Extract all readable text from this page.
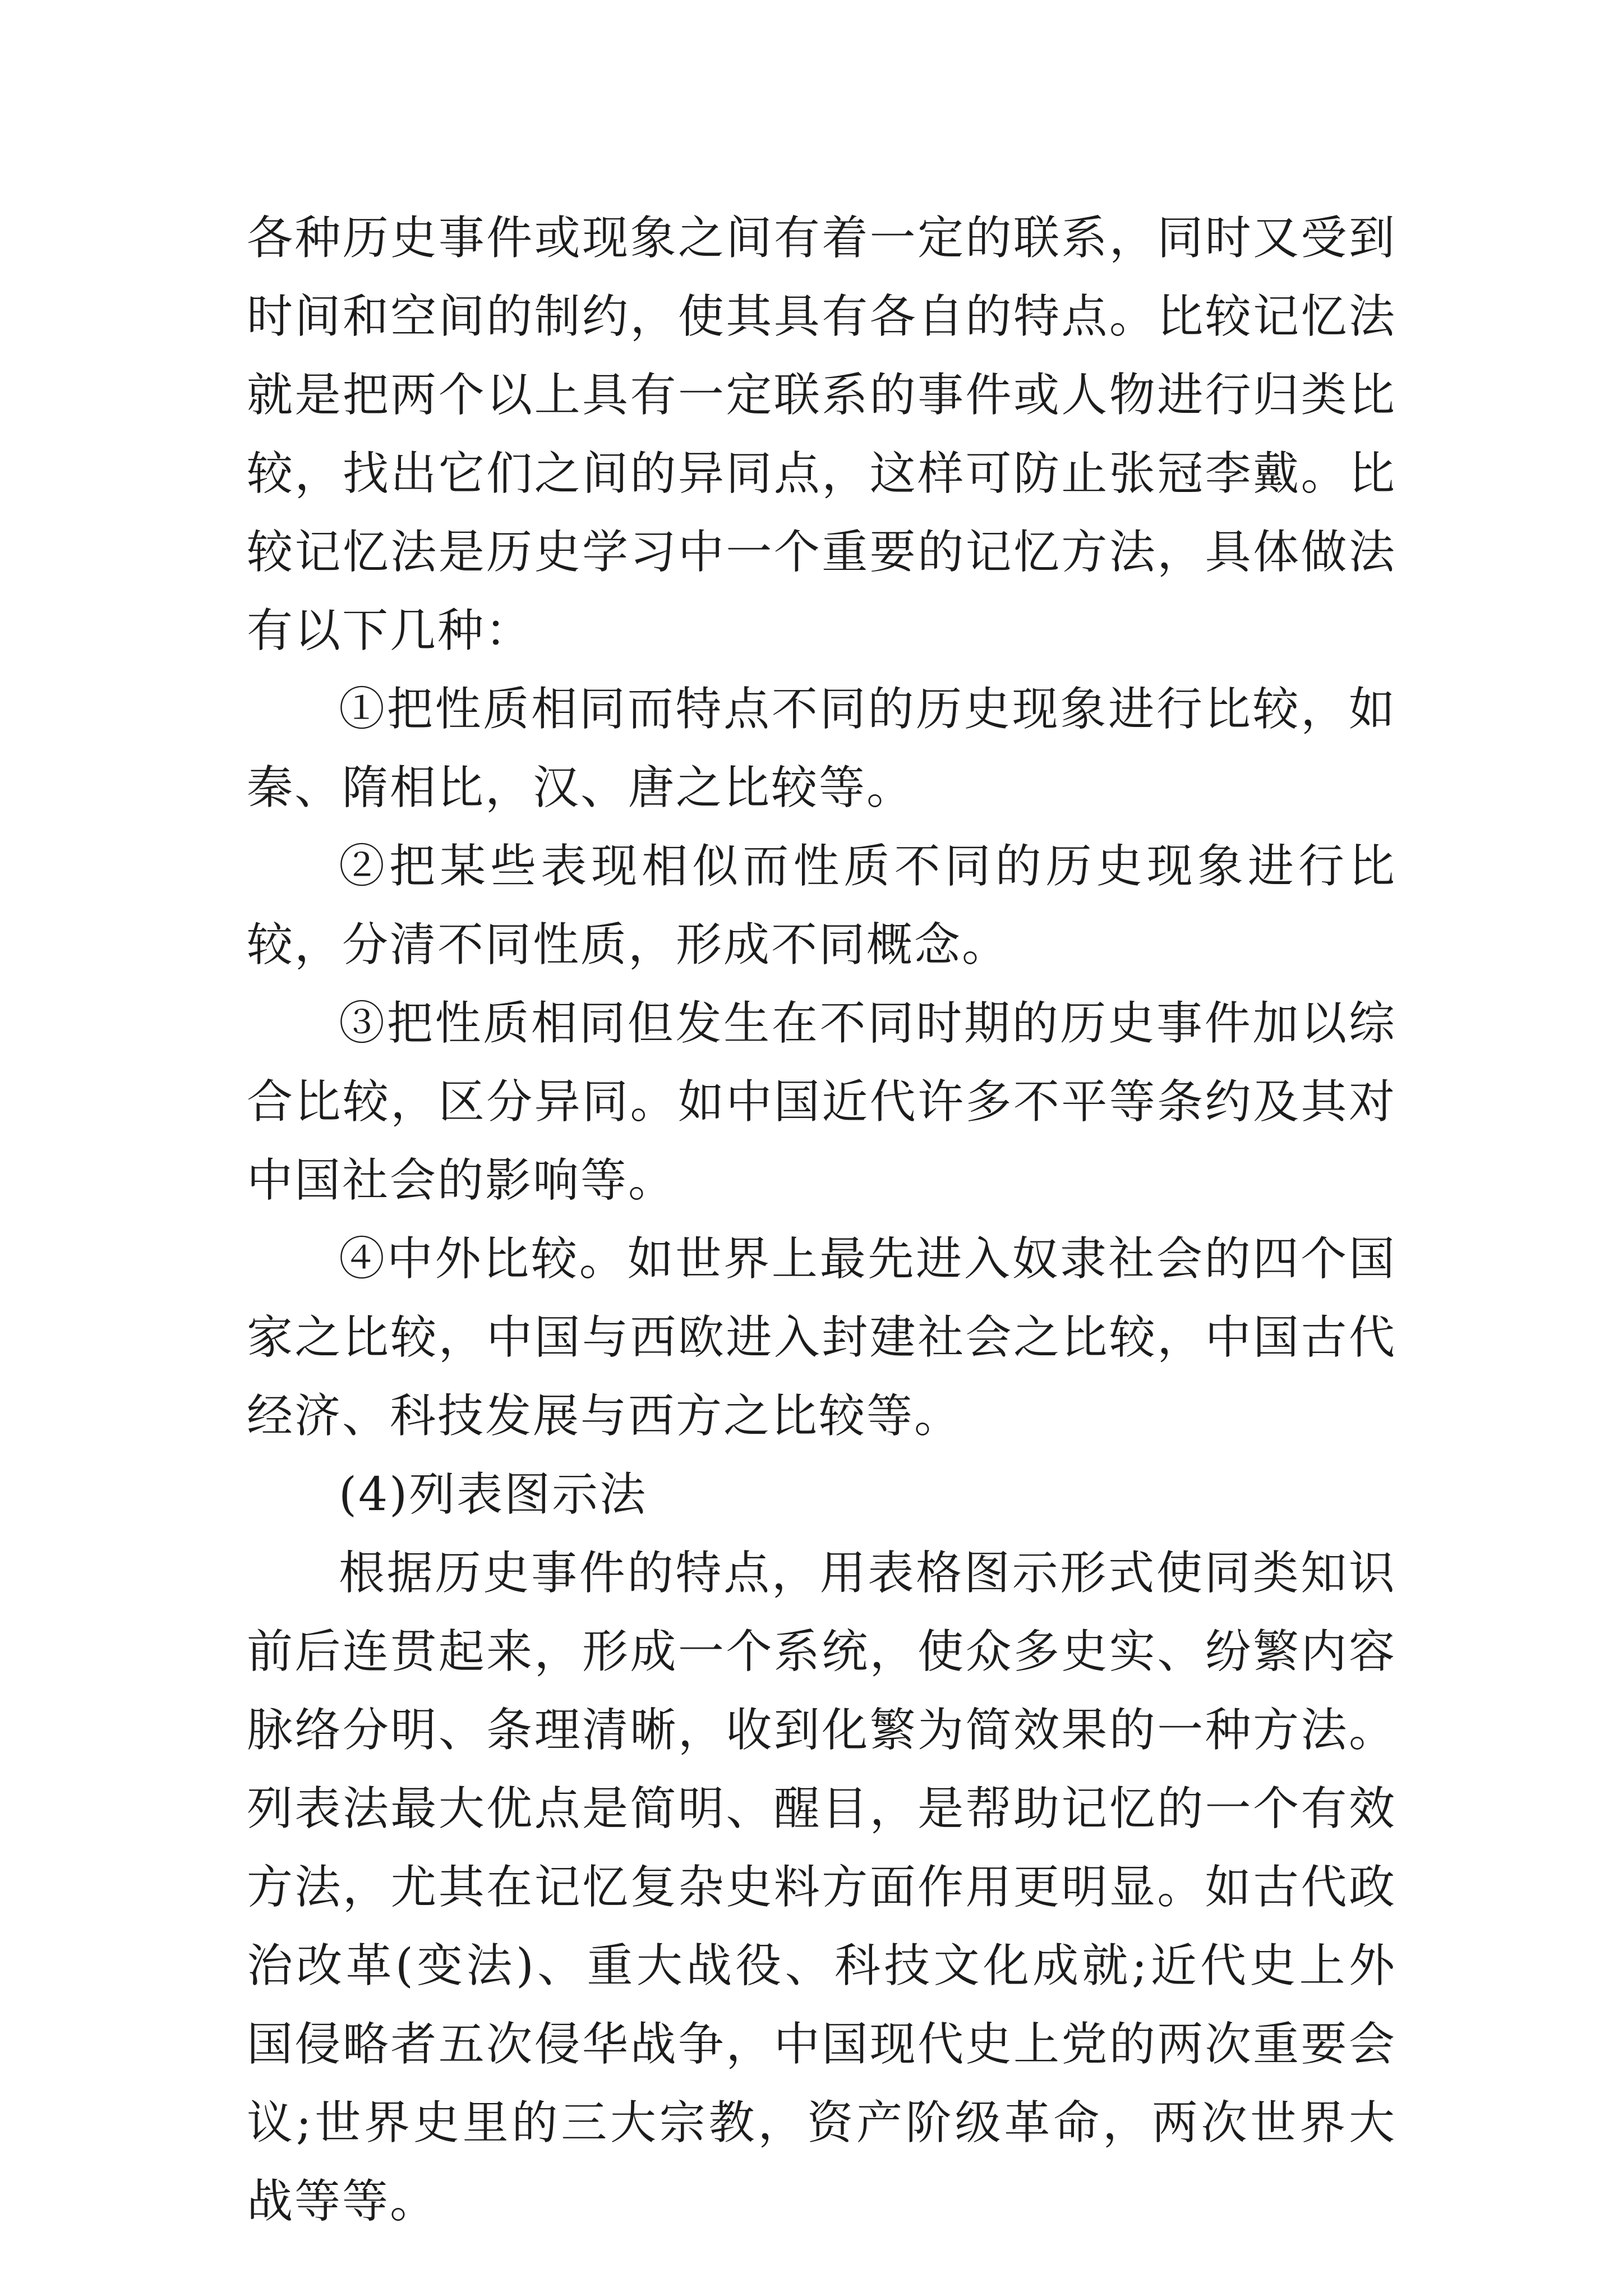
各种历史事件或现象之间有着一定的联系，同时又受到时间和空间的制约，使其具有各自的特点。比较记忆法就是把两个以上具有一定联系的事件或人物进行归类比较，找出它们之间的异同点，这样可防止张冠李戴。比较记忆法是历史学习中一个重要的记忆方法，具体做法有以下几种：

①把性质相同而特点不同的历史现象进行比较，如秦、隋相比，汉、唐之比较等。

②把某些表现相似而性质不同的历史现象进行比较，分清不同性质，形成不同概念。

③把性质相同但发生在不同时期的历史事件加以综合比较，区分异同。如中国近代许多不平等条约及其对中国社会的影响等。

④中外比较。如世界上最先进入奴隶社会的四个国家之比较，中国与西欧进入封建社会之比较，中国古代经济、科技发展与西方之比较等。

(4)列表图示法

根据历史事件的特点，用表格图示形式使同类知识前后连贯起来，形成一个系统，使众多史实、纷繁内容脉络分明、条理清晰，收到化繁为简效果的一种方法。列表法最大优点是简明、醒目，是帮助记忆的一个有效方法，尤其在记忆复杂史料方面作用更明显。如古代政治改革(变法)、重大战役、科技文化成就;近代史上外国侵略者五次侵华战争，中国现代史上党的两次重要会议;世界史里的三大宗教，资产阶级革命，两次世界大战等等。
